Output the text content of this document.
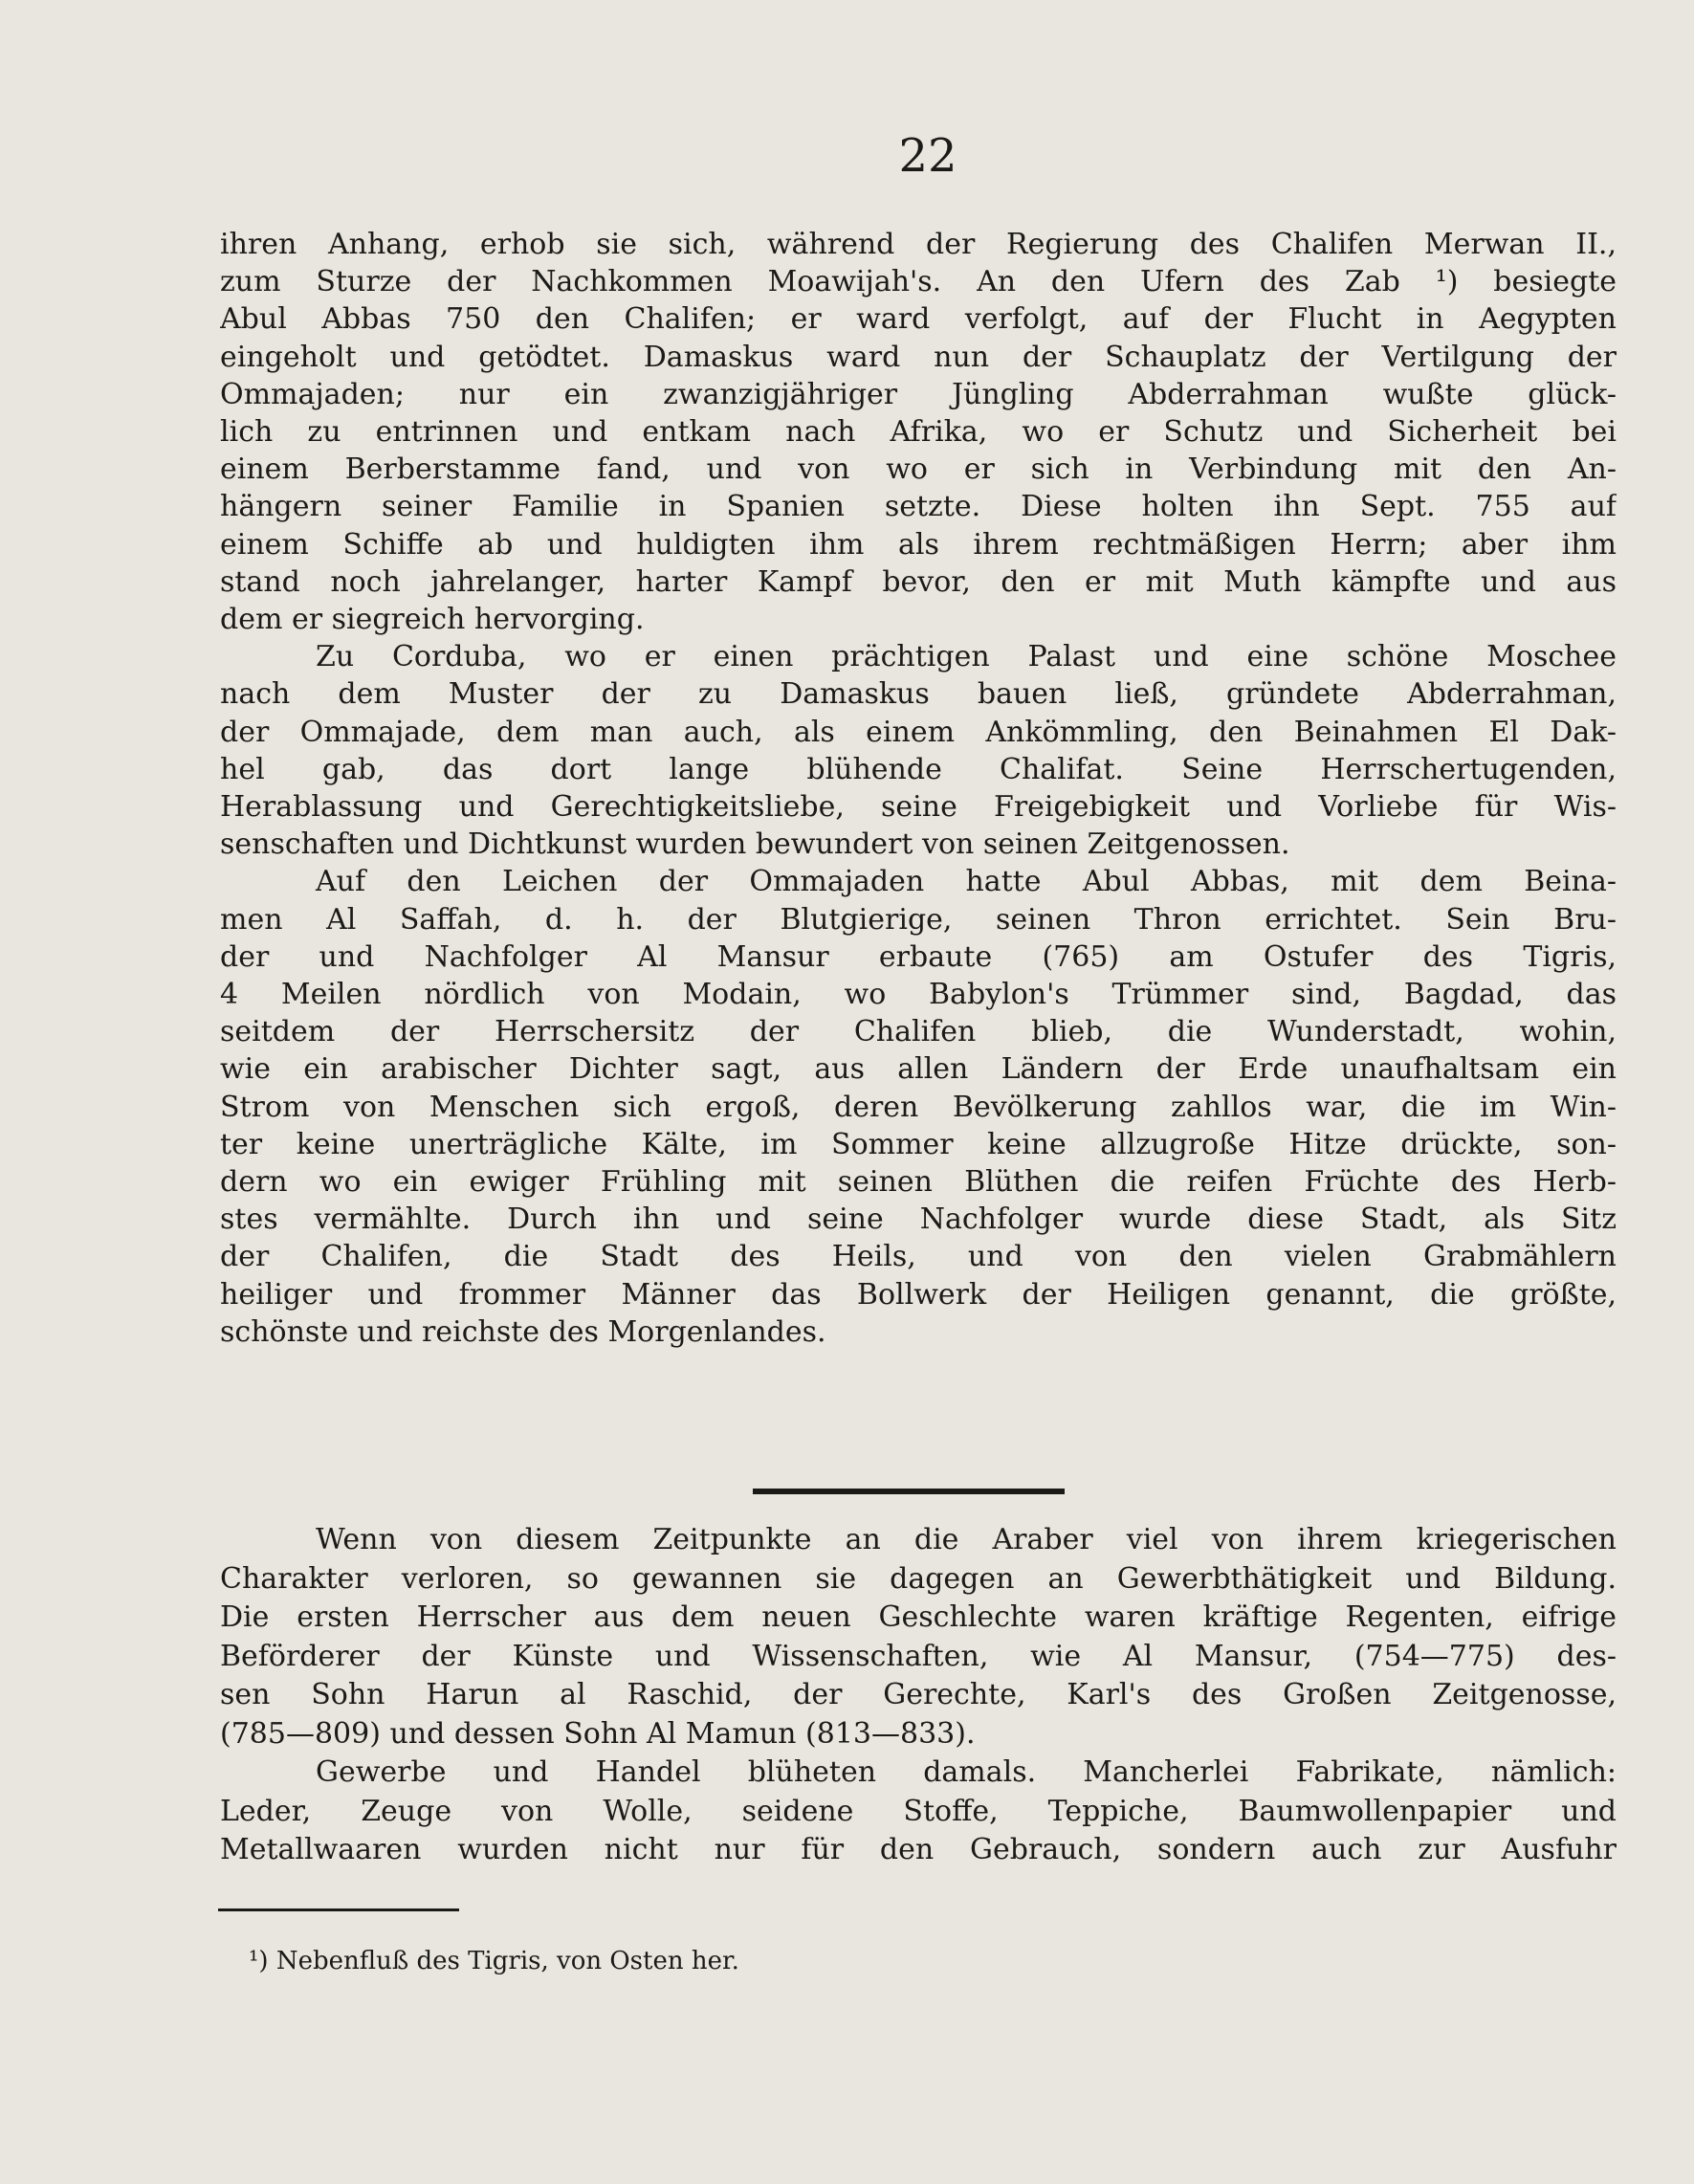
22
ihren Anhang, erhob sie sich, während der Regierung des Chalifen Merwan II.,
zum Sturze der Nachkommen Moawijah's. An den Ufern des Zab ¹) besiegte
Abul Abbas 750 den Chalifen; er ward verfolgt, auf der Flucht in Aegypten
eingeholt und getödtet. Damaskus ward nun der Schauplatz der Vertilgung der
Ommajaden; nur ein zwanzigjähriger Jüngling Abderrahman wußte glück-
lich zu entrinnen und entkam nach Afrika, wo er Schutz und Sicherheit bei
einem Berberstamme fand, und von wo er sich in Verbindung mit den An-
hängern seiner Familie in Spanien setzte. Diese holten ihn Sept. 755 auf
einem Schiffe ab und huldigten ihm als ihrem rechtmäßigen Herrn; aber ihm
stand noch jahrelanger, harter Kampf bevor, den er mit Muth kämpfte und aus
dem er siegreich hervorging.
Zu Corduba, wo er einen prächtigen Palast und eine schöne Moschee
nach dem Muster der zu Damaskus bauen ließ, gründete Abderrahman,
der Ommajade, dem man auch, als einem Ankömmling, den Beinahmen El Dak-
hel gab, das dort lange blühende Chalifat. Seine Herrschertugenden,
Herablassung und Gerechtigkeitsliebe, seine Freigebigkeit und Vorliebe für Wis-
senschaften und Dichtkunst wurden bewundert von seinen Zeitgenossen.
Auf den Leichen der Ommajaden hatte Abul Abbas, mit dem Beina-
men Al Saffah, d. h. der Blutgierige, seinen Thron errichtet. Sein Bru-
der und Nachfolger Al Mansur erbaute (765) am Ostufer des Tigris,
4 Meilen nördlich von Modain, wo Babylon's Trümmer sind, Bagdad, das
seitdem der Herrschersitz der Chalifen blieb, die Wunderstadt, wohin,
wie ein arabischer Dichter sagt, aus allen Ländern der Erde unaufhaltsam ein
Strom von Menschen sich ergoß, deren Bevölkerung zahllos war, die im Win-
ter keine unerträgliche Kälte, im Sommer keine allzugroße Hitze drückte, son-
dern wo ein ewiger Frühling mit seinen Blüthen die reifen Früchte des Herb-
stes vermählte. Durch ihn und seine Nachfolger wurde diese Stadt, als Sitz
der Chalifen, die Stadt des Heils, und von den vielen Grabmählern
heiliger und frommer Männer das Bollwerk der Heiligen genannt, die größte,
schönste und reichste des Morgenlandes.
Wenn von diesem Zeitpunkte an die Araber viel von ihrem kriegerischen
Charakter verloren, so gewannen sie dagegen an Gewerbthätigkeit und Bildung.
Die ersten Herrscher aus dem neuen Geschlechte waren kräftige Regenten, eifrige
Beförderer der Künste und Wissenschaften, wie Al Mansur, (754—775) des-
sen Sohn Harun al Raschid, der Gerechte, Karl's des Großen Zeitgenosse,
(785—809) und dessen Sohn Al Mamun (813—833).
Gewerbe und Handel blüheten damals. Mancherlei Fabrikate, nämlich:
Leder, Zeuge von Wolle, seidene Stoffe, Teppiche, Baumwollenpapier und
Metallwaaren wurden nicht nur für den Gebrauch, sondern auch zur Ausfuhr
¹) Nebenfluß des Tigris, von Osten her.
